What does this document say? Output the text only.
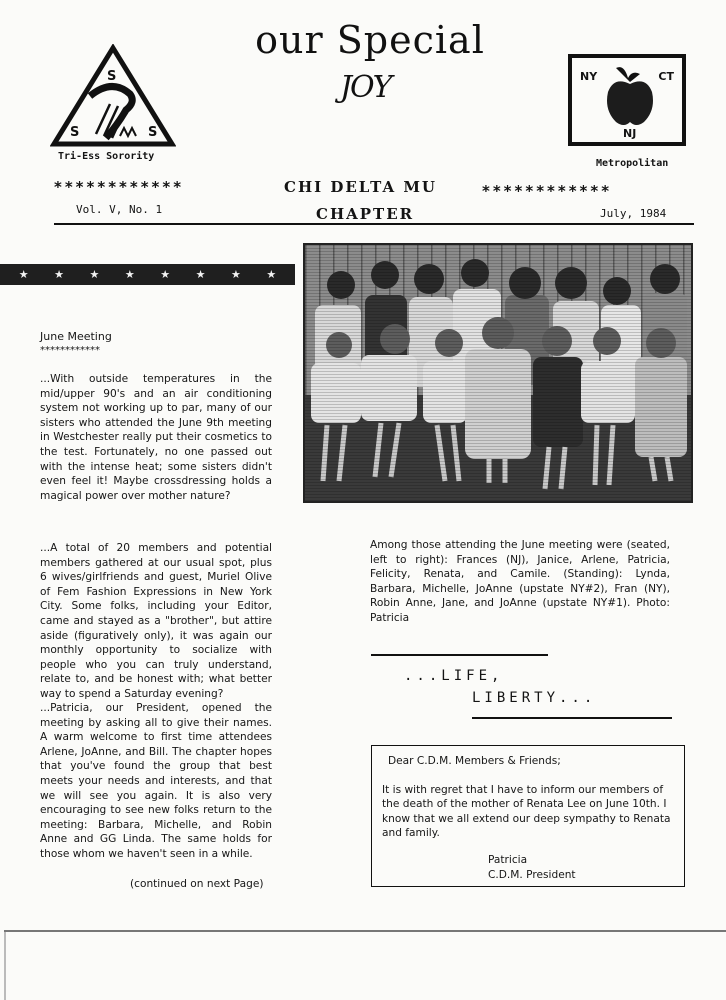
our Special
JOY
S
S	S
Tri-Ess Sorority
NY	CT
NJ
Metropolitan
* * * * * * * * * * * *	CHI DELTA MU	* * * * * * * * * * * *
Vol. V, No. 1	CHAPTER	July, 1984
★ ★ ★ ★ ★ ★ ★ ★
June Meeting
************
...With outside temperatures in the mid/upper 90's and an air conditioning system not working up to par, many of our sisters who attended the June 9th meeting in Westchester really put their cosmetics to the test. Fortunately, no one passed out with the intense heat; some sisters didn't even feel it! Maybe crossdressing holds a magical power over mother nature?
...A total of 20 members and potential members gathered at our usual spot, plus 6 wives/girlfriends and guest, Muriel Olive of Fem Fashion Expressions in New York City. Some folks, including your Editor, came and stayed as a "brother", but attire aside (figuratively only), it was again our monthly opportunity to socialize with people who you can truly understand, relate to, and be honest with; what better way to spend a Saturday evening?
...Patricia, our President, opened the meeting by asking all to give their names. A warm welcome to first time attendees Arlene, JoAnne, and Bill. The chapter hopes that you've found the group that best meets your needs and interests, and that we will see you again. It is also very encouraging to see new folks return to the meeting: Barbara, Michelle, and Robin Anne and GG Linda. The same holds for those whom we haven't seen in a while.
(continued on next Page)
Among those attending the June meeting were (seated, left to right): Frances (NJ), Janice, Arlene, Patricia, Felicity, Renata, and Camile. (Standing): Lynda, Barbara, Michelle, JoAnne (upstate NY#2), Fran (NY), Robin Anne, Jane, and JoAnne (upstate NY#1). Photo: Patricia
...LIFE,
LIBERTY...
Dear C.D.M. Members & Friends;
It is with regret that I have to inform our members of the death of the mother of Renata Lee on June 10th. I know that we all extend our deep sympathy to Renata and family.
Patricia
C.D.M. President
